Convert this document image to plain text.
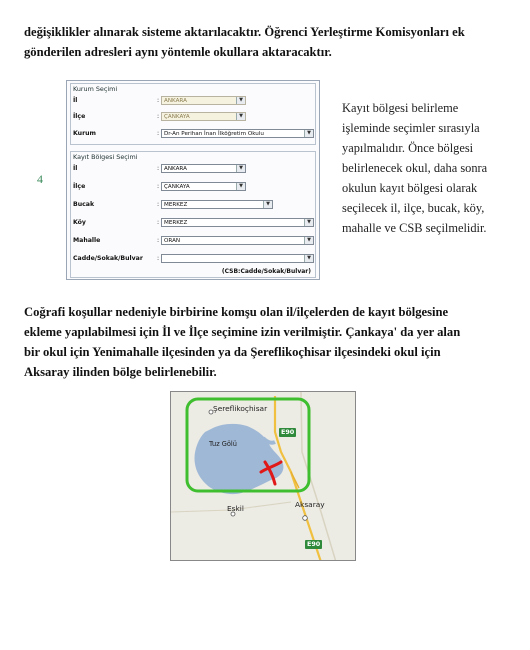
değişiklikler alınarak sisteme aktarılacaktır. Öğrenci Yerleştirme Komisyonları ek
gönderilen adresleri aynı yöntemle okullara aktaracaktır.
4
Kurum Seçimi
İl	: ANKARA	▼
İlçe	: ÇANKAYA	▼
Kurum	: Dr-An Perihan İnan İlköğretim Okulu	▼
Kayıt Bölgesi Seçimi
İl	: ANKARA	▼
İlçe	: ÇANKAYA	▼
Bucak	: MERKEZ	▼
Köy	: MERKEZ	▼
Mahalle	: ORAN	▼
Cadde/Sokak/Bulvar	:	▼
(CSB:Cadde/Sokak/Bulvar)
Kayıt bölgesi belirleme
işleminde seçimler sırasıyla
yapılmalıdır. Önce bölgesi
belirlenecek okul, daha sonra
okulun kayıt bölgesi olarak
seçilecek il, ilçe, bucak, köy,
mahalle ve CSB seçilmelidir.
Coğrafi koşullar nedeniyle birbirine komşu olan il/ilçelerden de kayıt bölgesine
ekleme yapılabilmesi için İl ve İlçe seçimine izin verilmiştir. Çankaya' da yer alan
bir okul için Yenimahalle ilçesinden ya da Şereflikoçhisar ilçesindeki okul için
Aksaray ilinden bölge belirlenebilir.
Şereflikoçhisar
Tuz Gölü
Eskil	Aksaray
E90
E90
